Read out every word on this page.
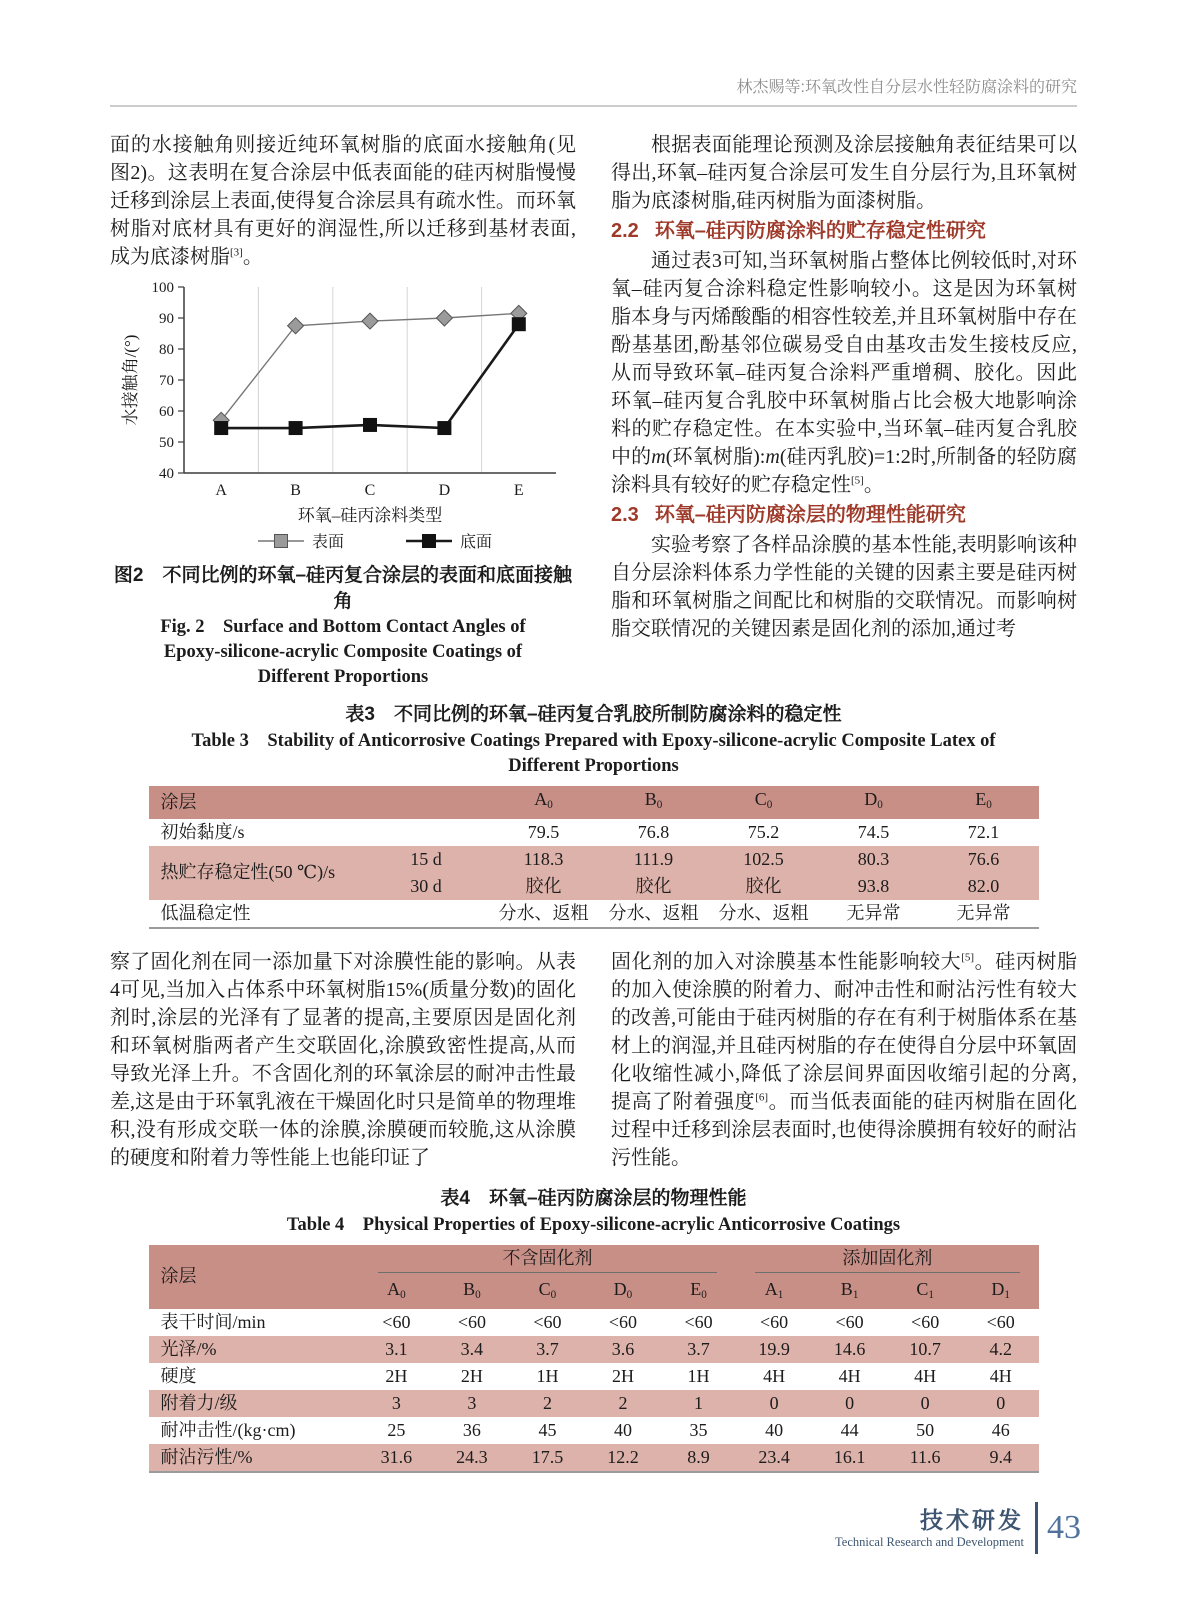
林杰赐等:环氧改性自分层水性轻防腐涂料的研究

面的水接触角则接近纯环氧树脂的底面水接触角(见图2)。这表明在复合涂层中低表面能的硅丙树脂慢慢迁移到涂层上表面,使得复合涂层具有疏水性。而环氧树脂对底材具有更好的润湿性,所以迁移到基材表面,成为底漆树脂[3]。

40
50
60
70
80
90
100
水接触角/(°)
A	B	C	D	E
环氧–硅丙涂料类型
表面	底面
图2 不同比例的环氧–硅丙复合涂层的表面和底面接触角
Fig. 2 Surface and Bottom Contact Angles of
Epoxy-silicone-acrylic Composite Coatings of
Different Proportions

根据表面能理论预测及涂层接触角表征结果可以得出,环氧–硅丙复合涂层可发生自分层行为,且环氧树脂为底漆树脂,硅丙树脂为面漆树脂。

2.2 环氧–硅丙防腐涂料的贮存稳定性研究

通过表3可知,当环氧树脂占整体比例较低时,对环氧–硅丙复合涂料稳定性影响较小。这是因为环氧树脂本身与丙烯酸酯的相容性较差,并且环氧树脂中存在酚基基团,酚基邻位碳易受自由基攻击发生接枝反应,从而导致环氧–硅丙复合涂料严重增稠、胶化。因此环氧–硅丙复合乳胶中环氧树脂占比会极大地影响涂料的贮存稳定性。在本实验中,当环氧–硅丙复合乳胶中的m(环氧树脂):m(硅丙乳胶)=1:2时,所制备的轻防腐涂料具有较好的贮存稳定性[5]。

2.3 环氧–硅丙防腐涂层的物理性能研究

实验考察了各样品涂膜的基本性能,表明影响该种自分层涂料体系力学性能的关键的因素主要是硅丙树脂和环氧树脂之间配比和树脂的交联情况。而影响树脂交联情况的关键因素是固化剂的添加,通过考

表3 不同比例的环氧–硅丙复合乳胶所制防腐涂料的稳定性
Table 3 Stability of Anticorrosive Coatings Prepared with Epoxy-silicone-acrylic Composite Latex of Different Proportions
涂层		$A_0$	$B_0$	$C_0$	$D_0$	$E_0$
初始黏度/s		79.5	76.8	75.2	74.5	72.1
热贮存稳定性(50 ℃)/s	15 d	118.3	111.9	102.5	80.3	76.6
	30 d	胶化	胶化	胶化	93.8	82.0
低温稳定性		分水、返粗	分水、返粗	分水、返粗	无异常	无异常

察了固化剂在同一添加量下对涂膜性能的影响。从表4可见,当加入占体系中环氧树脂15%(质量分数)的固化剂时,涂层的光泽有了显著的提高,主要原因是固化剂和环氧树脂两者产生交联固化,涂膜致密性提高,从而导致光泽上升。不含固化剂的环氧涂层的耐冲击性最差,这是由于环氧乳液在干燥固化时只是简单的物理堆积,没有形成交联一体的涂膜,涂膜硬而较脆,这从涂膜的硬度和附着力等性能上也能印证了

固化剂的加入对涂膜基本性能影响较大[5]。硅丙树脂的加入使涂膜的附着力、耐冲击性和耐沾污性有较大的改善,可能由于硅丙树脂的存在有利于树脂体系在基材上的润湿,并且硅丙树脂的存在使得自分层中环氧固化收缩性减小,降低了涂层间界面因收缩引起的分离,提高了附着强度[6]。而当低表面能的硅丙树脂在固化过程中迁移到涂层表面时,也使得涂膜拥有较好的耐沾污性能。

表4 环氧–硅丙防腐涂层的物理性能
Table 4 Physical Properties of Epoxy-silicone-acrylic Anticorrosive Coatings
涂层	不含固化剂					添加固化剂			

	$A_0$	$B_0$	$C_0$	$D_0$	$E_0$	$A_1$	$B_1$	$C_1$	$D_1$
表干时间/min	<60	<60	<60	<60	<60	<60	<60	<60	<60
光泽/%	3.1	3.4	3.7	3.6	3.7	19.9	14.6	10.7	4.2
硬度	2H	2H	1H	2H	1H	4H	4H	4H	4H
附着力/级	3	3	2	2	1	0	0	0	0
耐冲击性/(kg·cm)	25	36	45	40	35	40	44	50	46
耐沾污性/%	31.6	24.3	17.5	12.2	8.9	23.4	16.1	11.6	9.4
技术研发
Technical Research and Development 43
